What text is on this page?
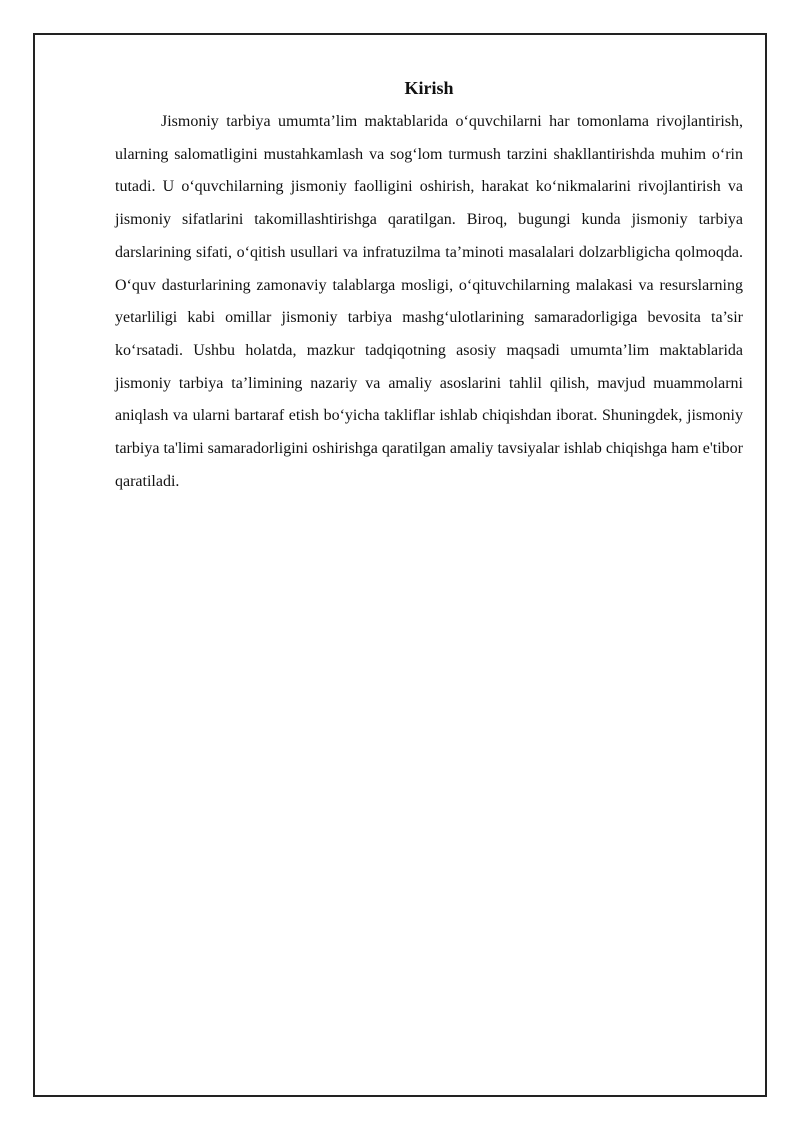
Kirish

Jismoniy tarbiya umumta’lim maktablarida o‘quvchilarni har tomonlama rivojlantirish, ularning salomatligini mustahkamlash va sog‘lom turmush tarzini shakllantirishda muhim o‘rin tutadi. U o‘quvchilarning jismoniy faolligini oshirish, harakat ko‘nikmalarini rivojlantirish va jismoniy sifatlarini takomillashtirishga qaratilgan. Biroq, bugungi kunda jismoniy tarbiya darslarining sifati, o‘qitish usullari va infratuzilma ta’minoti masalalari dolzarbligicha qolmoqda. O‘quv dasturlarining zamonaviy talablarga mosligi, o‘qituvchilarning malakasi va resurslarning yetarliligi kabi omillar jismoniy tarbiya mashg‘ulotlarining samaradorligiga bevosita ta’sir ko‘rsatadi. Ushbu holatda, mazkur tadqiqotning asosiy maqsadi umumta’lim maktablarida jismoniy tarbiya ta’limining nazariy va amaliy asoslarini tahlil qilish, mavjud muammolarni aniqlash va ularni bartaraf etish bo‘yicha takliflar ishlab chiqishdan iborat. Shuningdek, jismoniy tarbiya ta'limi samaradorligini oshirishga qaratilgan amaliy tavsiyalar ishlab chiqishga ham e'tibor qaratiladi.
